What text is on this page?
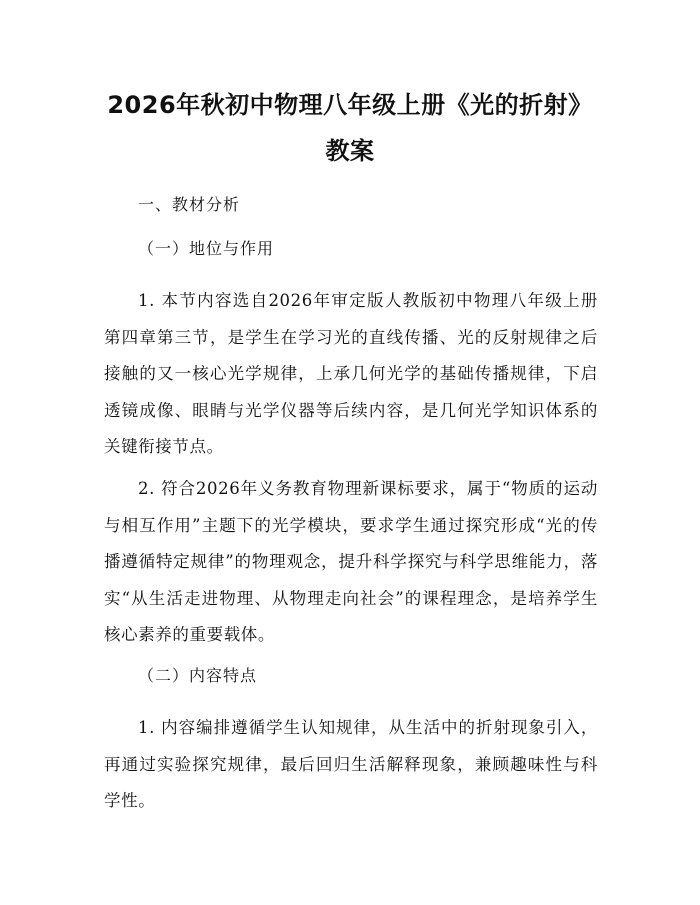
2026年秋初中物理八年级上册《光的折射》
教案
一、教材分析
（一）地位与作用
1. 本节内容选自2026年审定版人教版初中物理八年级上册第四章第三节，是学生在学习光的直线传播、光的反射规律之后接触的又一核心光学规律，上承几何光学的基础传播规律，下启透镜成像、眼睛与光学仪器等后续内容，是几何光学知识体系的关键衔接节点。
2. 符合2026年义务教育物理新课标要求，属于“物质的运动与相互作用”主题下的光学模块，要求学生通过探究形成“光的传播遵循特定规律”的物理观念，提升科学探究与科学思维能力，落实“从生活走进物理、从物理走向社会”的课程理念，是培养学生核心素养的重要载体。
（二）内容特点
1. 内容编排遵循学生认知规律，从生活中的折射现象引入，再通过实验探究规律，最后回归生活解释现象，兼顾趣味性与科学性。
